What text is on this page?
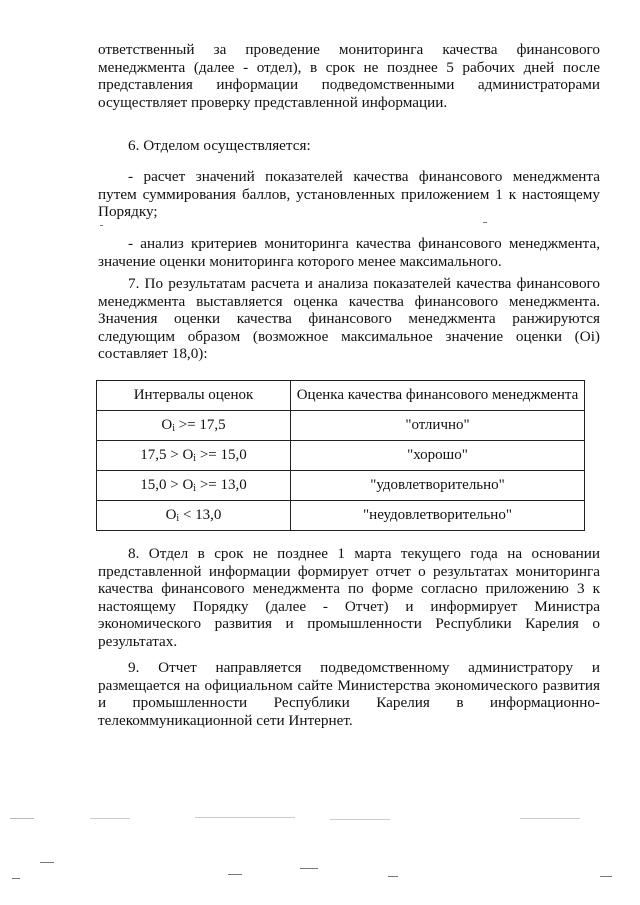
ответственный за проведение мониторинга качества финансового менеджмента (далее - отдел), в срок не позднее 5 рабочих дней после представления информации подведомственными администраторами осуществляет проверку представленной информации.

6. Отделом осуществляется:

- расчет значений показателей качества финансового менеджмента путем суммирования баллов, установленных приложением 1 к настоящему Порядку;

- анализ критериев мониторинга качества финансового менеджмента, значение оценки мониторинга которого менее максимального.

7. По результатам расчета и анализа показателей качества финансового менеджмента выставляется оценка качества финансового менеджмента. Значения оценки качества финансового менеджмента ранжируются следующим образом (возможное максимальное значение оценки (Oi) составляет 18,0):

Интервалы оценок	Оценка качества финансового менеджмента
$O_i >= 17,5$	"отлично"
$17,5 > O_i >= 15,0$	"хорошо"
$15,0 > O_i >= 13,0$	"удовлетворительно"
$O_i < 13,0$	"неудовлетворительно"

8. Отдел в срок не позднее 1 марта текущего года на основании представленной информации формирует отчет о результатах мониторинга качества финансового менеджмента по форме согласно приложению 3 к настоящему Порядку (далее - Отчет) и информирует Министра экономического развития и промышленности Республики Карелия о результатах.

9. Отчет направляется подведомственному администратору и размещается на официальном сайте Министерства экономического развития и промышленности Республики Карелия в информационно-телекоммуникационной сети Интернет.
